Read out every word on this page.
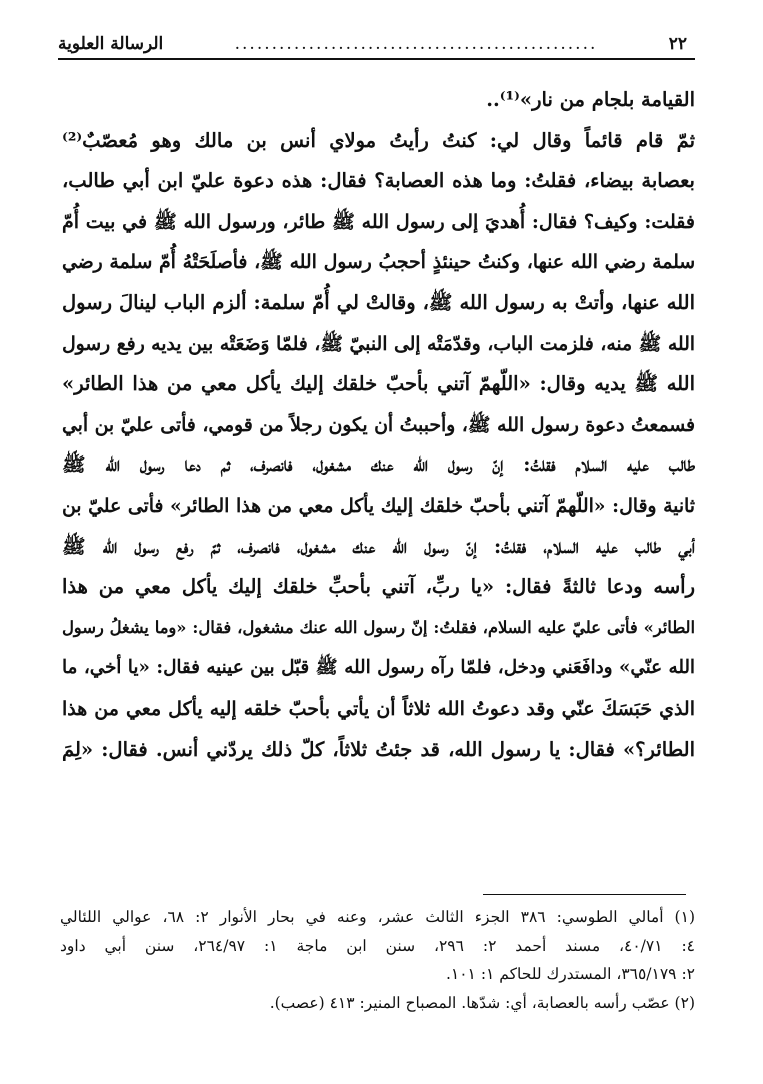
٢٢
.................................................
الرسالة العلوية
القيامة بلجام من نار»⁽¹⁾..
ثمّ قام قائماً وقال لي: كنتُ رأيتُ مولاي أنس بن مالك وهو مُعصّبٌ⁽²⁾
بعصابة بيضاء، فقلتُ: وما هذه العصابة؟ فقال: هذه دعوة عليّ ابن أبي طالب،
فقلت: وكيف؟ فقال: أُهديَ إلى رسول الله ﷺ طائر، ورسول الله ﷺ في بيت أُمّ
سلمة رضي الله عنها، وكنتُ حينئذٍ أحجبُ رسول الله ﷺ، فأصلَحَتْهُ أُمّ سلمة رضي
الله عنها، وأتتْ به رسول الله ﷺ، وقالتْ لي أُمّ سلمة: ألزم الباب لينالَ رسول
الله ﷺ منه، فلزمت الباب، وقدّمَتْه إلى النبيّ ﷺ، فلمّا وَضَعَتْه بين يديه رفع رسول
الله ﷺ يديه وقال: «اللّهمّ آتني بأحبّ خلقك إليك يأكل معي من هذا الطائر»
فسمعتُ دعوة رسول الله ﷺ، وأحببتُ أن يكون رجلاً من قومي، فأتى عليّ بن أبي
طالب عليه السلام فقلتُ: إنّ رسول الله عنك مشغول، فانصرف، ثم دعا رسول الله ﷺ
ثانية وقال: «اللّهمّ آتني بأحبّ خلقك إليك يأكل معي من هذا الطائر» فأتى عليّ بن
أبي طالب عليه السلام، فقلتُ: إنّ رسول الله عنك مشغول، فانصرف، ثمّ رفع رسول الله ﷺ
رأسه ودعا ثالثةً فقال: «يا ربِّ، آتني بأحبِّ خلقك إليك يأكل معي من هذا
الطائر» فأتى عليّ عليه السلام، فقلتُ: إنّ رسول الله عنك مشغول، فقال: «وما يشغلُ رسول
الله عنّي» ودافَعَني ودخل، فلمّا رآه رسول الله ﷺ قبّل بين عينيه فقال: «يا أخي، ما
الذي حَبَسَكَ عنّي وقد دعوتُ الله ثلاثاً أن يأتي بأحبّ خلقه إليه يأكل معي من هذا
الطائر؟» فقال: يا رسول الله، قد جئتُ ثلاثاً، كلّ ذلك يردّني أنس. فقال: «لِمَ
(١) أمالي الطوسي: ٣٨٦ الجزء الثالث عشر، وعنه في بحار الأنوار ٢: ٦٨، عوالي اللئالي
٤: ٤٠/٧١، مسند أحمد ٢: ٢٩٦، سنن ابن ماجة ١: ٢٦٤/٩٧، سنن أبي داود
٢: ٣٦٥/١٧٩، المستدرك للحاكم ١: ١٠١.
(٢) عصّب رأسه بالعصابة، أي: شدّها. المصباح المنير: ٤١٣ (عصب).
